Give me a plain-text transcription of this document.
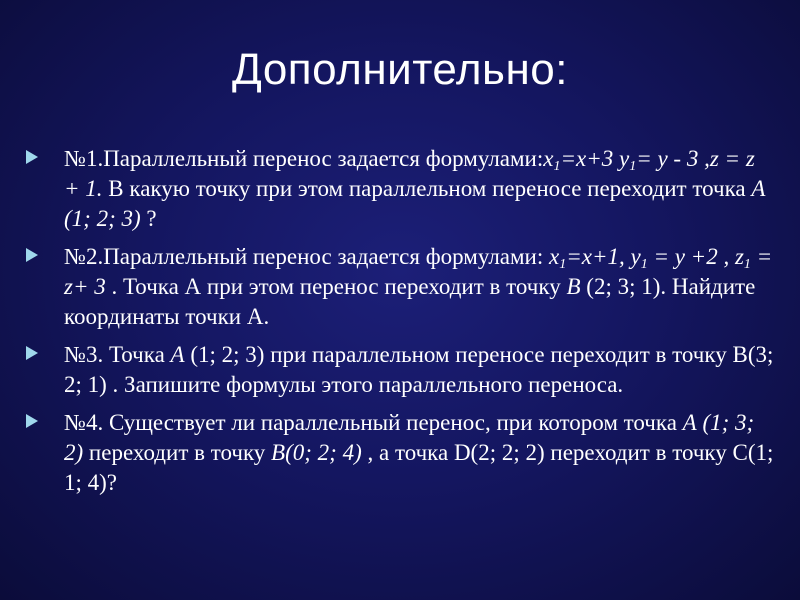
Дополнительно:
№1.Параллельный перенос задается $формулами:x_1=x+3$ $y_1= y - 3$ ,z = z + 1. В какую точку при этом параллельном переносе переходит точка А (1; 2; 3) ?
№2.Параллельный перенос задается формулами: $x_1=x+1$, $y_1 = y +2$ , $z_1 = z+ 3$ . Точка А при этом перенос переходит в точку В (2; 3; 1). Найдите координаты точки А.
№3. Точка А (1; 2; 3) при параллельном переносе переходит в точку В(3; 2; 1) . Запишите формулы этого параллельного переноса.
№4. Существует ли параллельный перенос, при котором точка А (1; 3; 2) переходит в точку В(0; 2; 4) , а точка D(2; 2; 2) переходит в точку С(1; 1; 4)?
